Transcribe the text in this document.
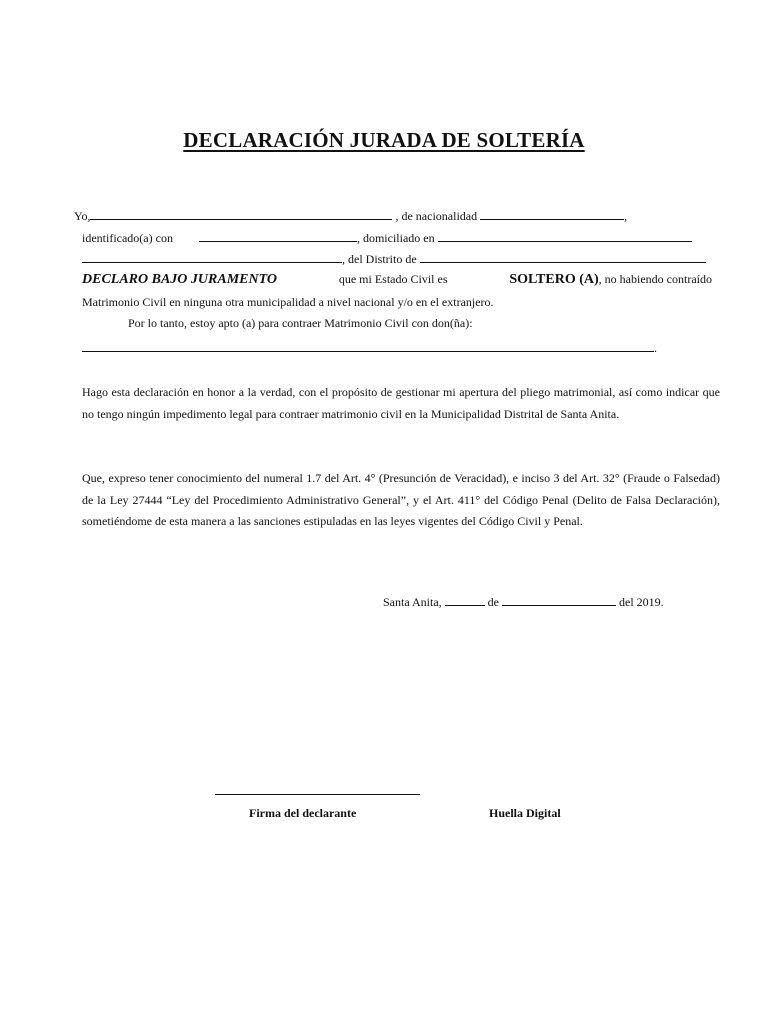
DECLARACIÓN JURADA DE SOLTERÍA
Yo,	, de nacionalidad	,
identificado(a) con	, domiciliado en
, del Distrito de
DECLARO BAJO JURAMENTO	que mi Estado Civil es	SOLTERO (A), no habiendo contraído
Matrimonio Civil en ninguna otra municipalidad a nivel nacional y/o en el extranjero.
Por lo tanto, estoy apto (a) para contraer Matrimonio Civil con don(ña):
.
Hago esta declaración en honor a la verdad, con el propósito de gestionar mi apertura del pliego matrimonial, así como indicar que no tengo ningún impedimento legal para contraer matrimonio civil en la Municipalidad Distrital de Santa Anita.
Que, expreso tener conocimiento del numeral 1.7 del Art. 4° (Presunción de Veracidad), e inciso 3 del Art. 32° (Fraude o Falsedad) de la Ley 27444 “Ley del Procedimiento Administrativo General”, y el Art. 411° del Código Penal (Delito de Falsa Declaración), sometiéndome de esta manera a las sanciones estipuladas en las leyes vigentes del Código Civil y Penal.
Santa Anita,	de	del 2019.
Firma del declarante	Huella Digital
